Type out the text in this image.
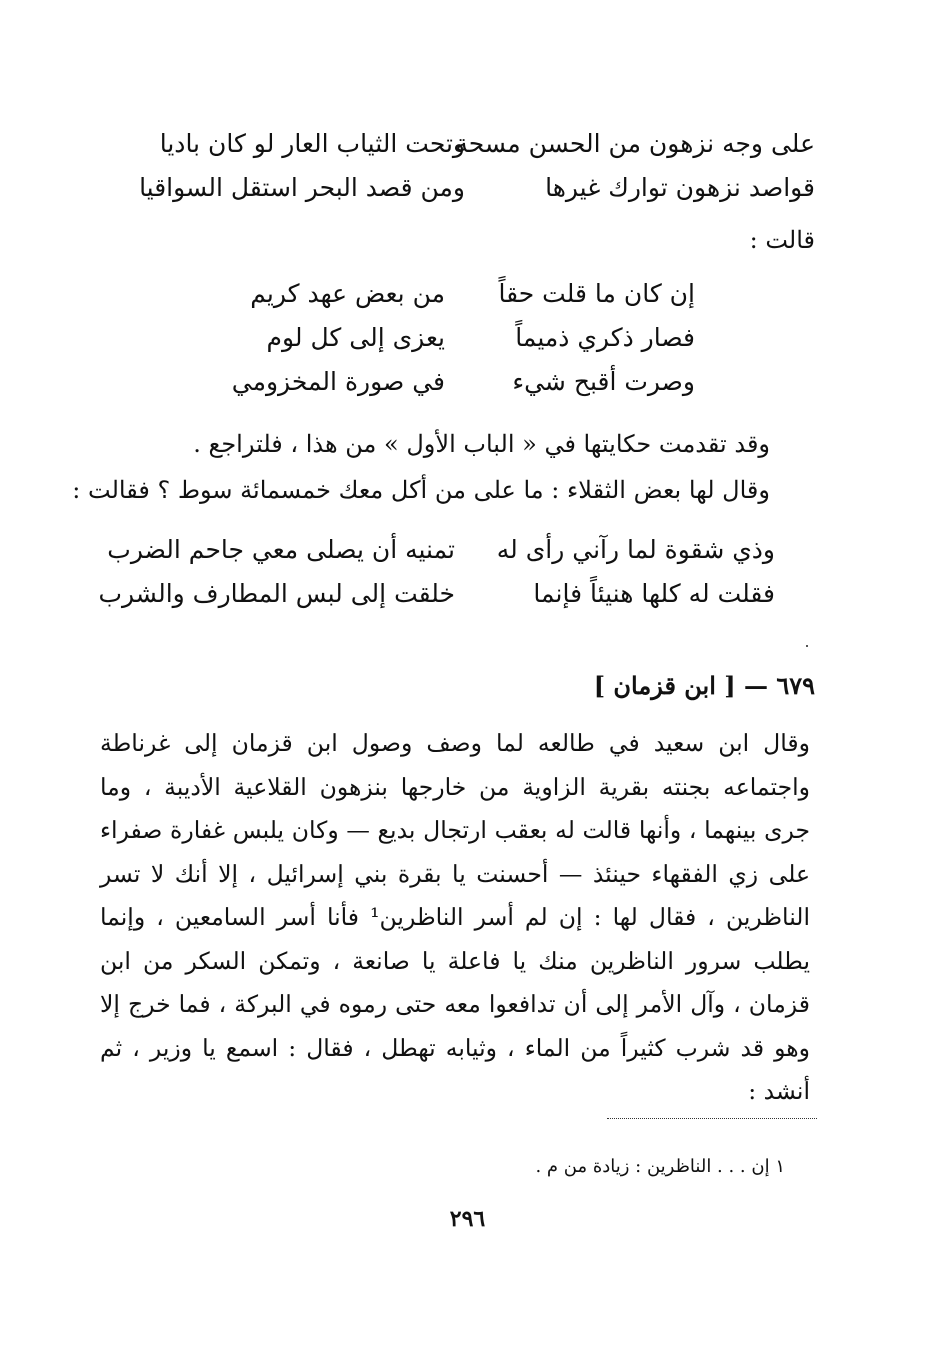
على وجه نزهون من الحسن مسحة
وتحت الثياب العار لو كان باديا
قواصد نزهون توارك غيرها
ومن قصد البحر استقل السواقيا
قالت :
إن كان ما قلت حقاً
من بعض عهد كريم
فصار ذكري ذميماً
يعزى إلى كل لوم
وصرت أقبح شيء
في صورة المخزومي
وقد تقدمت حكايتها في « الباب الأول » من هذا ، فلتراجع .
وقال لها بعض الثقلاء : ما على من أكل معك خمسمائة سوط ؟ فقالت :
وذي شقوة لما رآني رأى له
تمنيه أن يصلى معي جاحم الضرب
فقلت له كلها هنيئاً فإنما
خلقت إلى لبس المطارف والشرب
٦٧٩ — [ ابن قزمان ]
وقال ابن سعيد في طالعه لما وصف وصول ابن قزمان إلى غرناطة واجتماعه بجنته بقرية الزاوية من خارجها بنزهون القلاعية الأديبة ، وما جرى بينهما ، وأنها قالت له بعقب ارتجال بديع — وكان يلبس غفارة صفراء على زي الفقهاء حينئذ — أحسنت يا بقرة بني إسرائيل ، إلا أنك لا تسر الناظرين ، فقال لها : إن لم أسر الناظرين¹ فأنا أسر السامعين ، وإنما يطلب سرور الناظرين منك يا فاعلة يا صانعة ، وتمكن السكر من ابن قزمان ، وآل الأمر إلى أن تدافعوا معه حتى رموه في البركة ، فما خرج إلا وهو قد شرب كثيراً من الماء ، وثيابه تهطل ، فقال : اسمع يا وزير ، ثم أنشد :
١ إن . . . الناظرين : زيادة من م .
٢٩٦
